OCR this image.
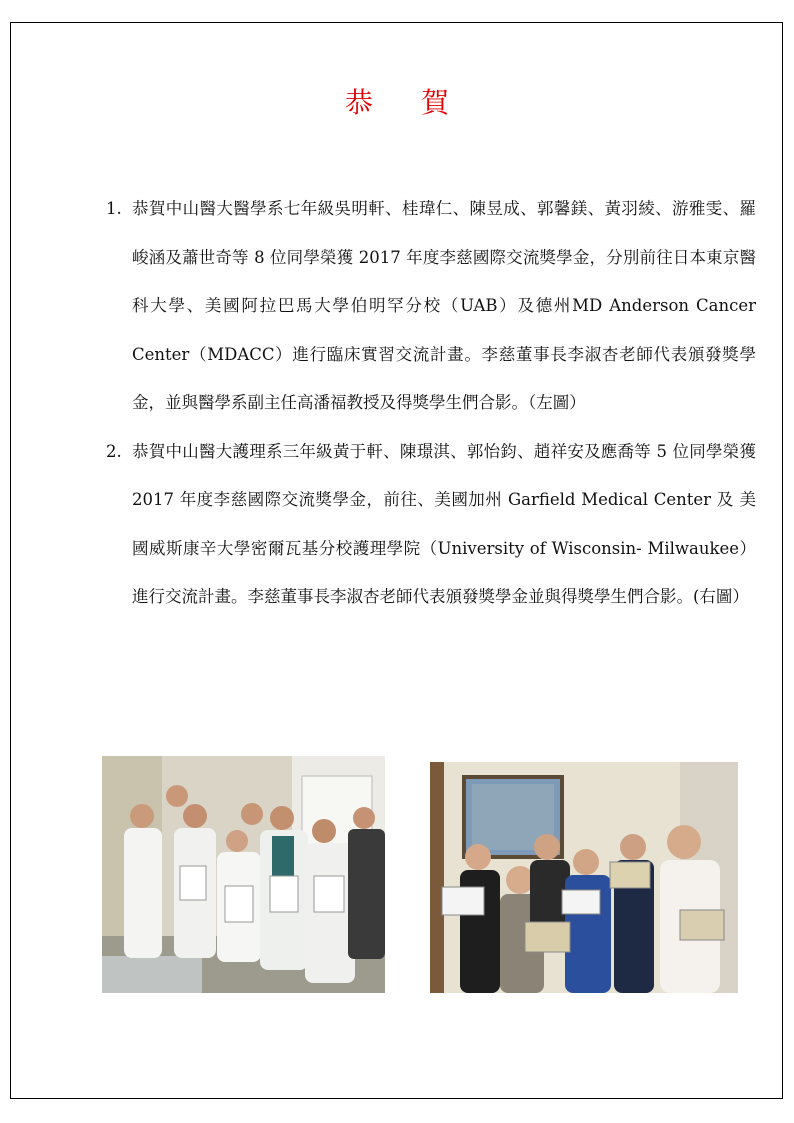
恭賀
1. 恭賀中山醫大醫學系七年級吳明軒、桂瑋仁、陳昱成、郭馨鎂、黃羽綾、游雅雯、羅峻涵及蕭世奇等 8 位同學榮獲 2017 年度李慈國際交流獎學金，分別前往日本東京醫科大學、美國阿拉巴馬大學伯明罕分校（UAB）及德州MD Anderson Cancer Center（MDACC）進行臨床實習交流計畫。李慈董事長李淑杏老師代表頒發獎學金，並與醫學系副主任高潘福教授及得獎學生們合影。（左圖）
2. 恭賀中山醫大護理系三年級黃于軒、陳璟淇、郭怡鈞、趙祥安及應喬等 5 位同學榮獲 2017 年度李慈國際交流獎學金，前往、美國加州 Garfield Medical Center 及 美國威斯康辛大學密爾瓦基分校護理學院（University of Wisconsin- Milwaukee）進行交流計畫。李慈董事長李淑杏老師代表頒發獎學金並與得獎學生們合影。(右圖）
